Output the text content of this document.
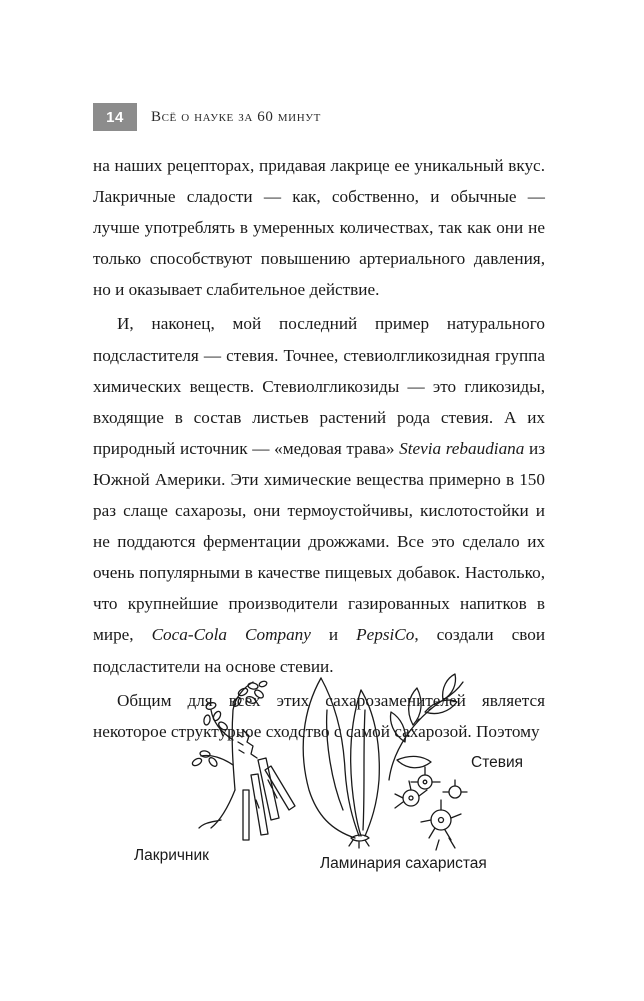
14	Всё о науке за 60 минут

на наших рецепторах, придавая лакрице ее уникальный вкус. Лакричные сладости — как, собственно, и обычные — лучше употреблять в умеренных количествах, так как они не только способствуют повышению артериального давления, но и оказывает слабительное действие.

И, наконец, мой последний пример натурального подсластителя — стевия. Точнее, стевиолгликозидная группа химических веществ. Стевиолгликозиды — это гликозиды, входящие в состав листьев растений рода стевия. А их природный источник — «медовая трава» Stevia rebaudiana из Южной Америки. Эти химические вещества примерно в 150 раз слаще сахарозы, они термоустойчивы, кислотостойки и не поддаются ферментации дрожжами. Все это сделало их очень популярными в качестве пищевых добавок. Настолько, что крупнейшие производители газированных напитков в мире, Coca-Cola Company и PepsiCo, создали свои подсластители на основе стевии.

Общим для всех этих сахарозаменителей является некоторое структурное сходство с самой сахарозой. Поэтому

Лакричник	Ламинария сахаристая
Стевия
